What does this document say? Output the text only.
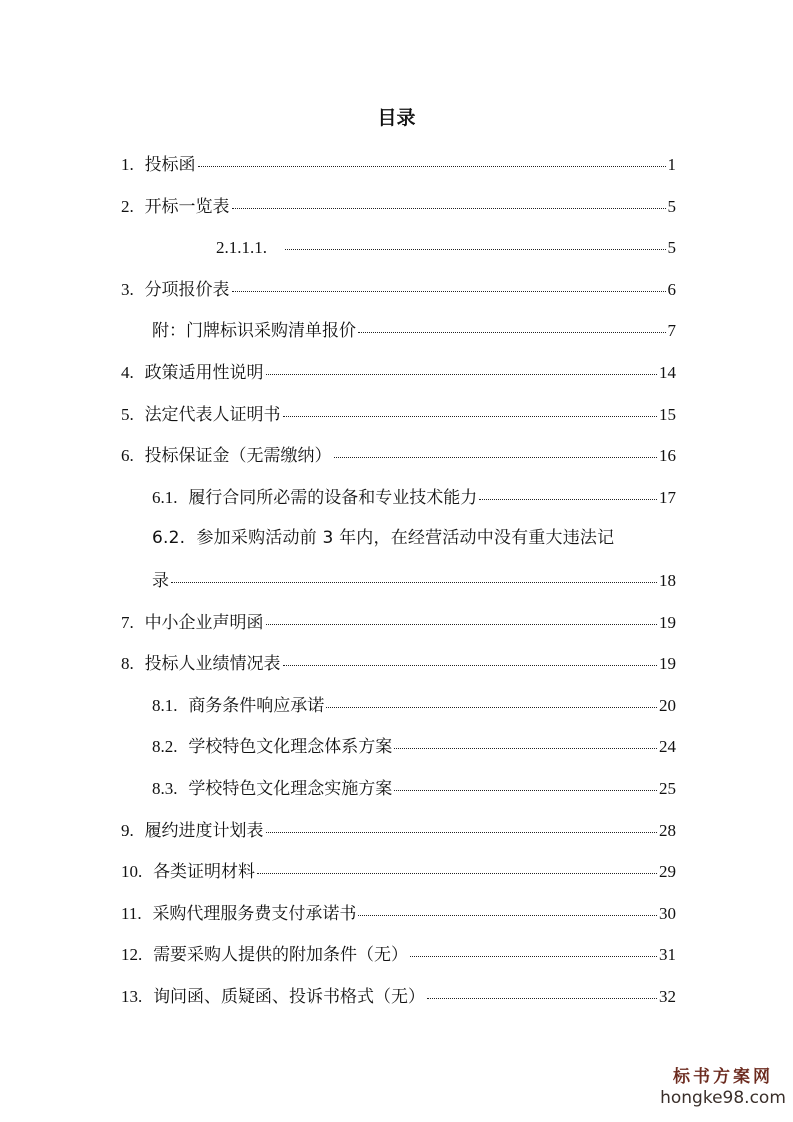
目录
1. 投标函	1
2. 开标一览表	5
2.1.1.1.	5
3. 分项报价表	6
附：门牌标识采购清单报价	7
4. 政策适用性说明	14
5. 法定代表人证明书	15
6. 投标保证金（无需缴纳）	16
6.1. 履行合同所必需的设备和专业技术能力	17
6.2. 参加采购活动前 3 年内，在经营活动中没有重大违法记
录	18
7. 中小企业声明函	19
8. 投标人业绩情况表	19
8.1. 商务条件响应承诺	20
8.2. 学校特色文化理念体系方案	24
8.3. 学校特色文化理念实施方案	25
9. 履约进度计划表	28
10. 各类证明材料	29
11. 采购代理服务费支付承诺书	30
12. 需要采购人提供的附加条件（无）	31
13. 询问函、质疑函、投诉书格式（无）	32
标书方案网
hongke98.com
